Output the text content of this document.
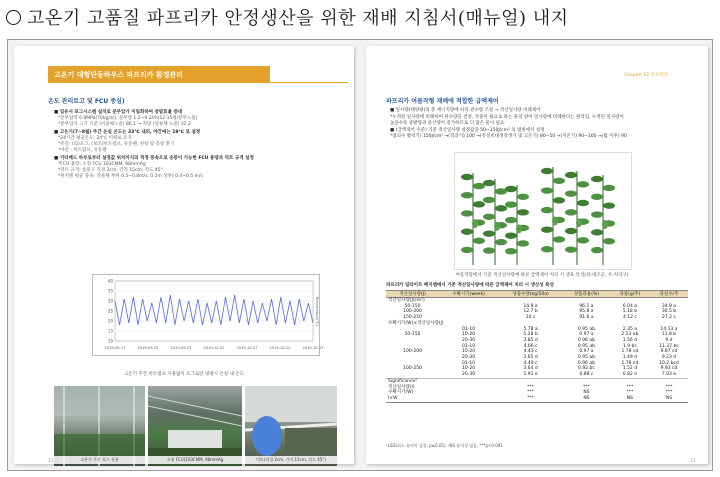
고온기 고품질 파프리카 안정생산을 위한 재배 지침서(매뉴얼) 내지
고온기 대형단동하우스 파프리카 환경관리
온도 관리토고 및 FCU 중심)
■ 일유서 포그시스템 설치로 분무압가 미립화하여 증발효율 증대
*분무압력 6.9MPa(70kg/㎠), 분무량 1.2~9.2ℓ/h(12.15평/분무노즐)
*분무입자 크기 기준 (이용체노즐) 86.1 → 적당 (일류체 노즐) 32.2
■ 고온기(7~8월) 주간 온실 온도는 33℃ 내외, 야간에는 19℃ 로 설정
*24시간 평균온도: 24℃ 이하로 유지
*주간: (외)포그, (보조)히트펌프, 유동팬, 천창 및 측창 환기
*야간 : 히트펌프, 유동팬
■ 거터배드 하부로부터 설정값 위치까지의 적정 풍속으로 송풍이 가능한 FCU 용량과 덕트 규격 설정
*FCU 용량: 소형 FCU 103CMM, 98mmAg
*덕트 규격: 송풍구 직경 2cm, 간격 15cm, 각도 45°
*위치별 평균 풍속: 작물체 부위 0.5~0.8m/s, 0.1m 상부) 0.4~0.5 m/s
40
35
30
25
20
15
10
2019-09-17	2019-09-22	2019-09-27	2019-10-02	2019-10-07	2019-10-12	2019-10-17
Temperature(℃)
고온기 주간 히트펌프 사용없이 포그로만 냉방시 온실 내 온도
고온기 주간 포그 운용	소형 FCU(103CMM, 98mmAg	덕트(직경 2cm, 간격 15cm, 각도 45°)
12
Chapter 02 파프리카
파프리카 여름작형 재배에 적합한 급액제어
■ 일사량(태양광)의 총 에너지량에 따라 관수량 조절 → 적산일사량 비례제어
*누적된 일사량에 비례하여 관수량을 결정, 작물이 필요로 하는 물의 양이 일사량에 비례한다는 원리임, 누적된 일사량이
높을수록 증발량과 증산량이 증가하므로 더 많은 물이 필요
■ (급액제어 수준) 기준 적산일사량 설정값을 50~150J/cm² 의 범위에서 설정
*엽의수 활력기) 150J/cm² →(적과기) 100 →(유실비대생장생기 및 고온기) 80~50 →(저온기) 90~100 →(월 이후) 90
여름작형에서 기준 적산일사량에 따른 급액제어 처리 시 생육 특성(좌:대조군, 우:처리구)
파프리카 일라이트 베지멤에서 기준 적산일사량에 따른 급액제어 처리 시 생산성 특성
적산일사량(J)	수확시기(week)	상품수량(kg/10a)	상품과율(%)	과중(g/주)	과실수/주
적산일사량(J/cm²)					
50-150		14.9 a	96.1 a	6.04 a	34.9 a
100-200		12.7 b	95.8 a	5.18 b	30.5 b
150-250		10 c	91.6 a	4.12 c	27.2 c
수확시기(W)×적산일사량(J)					
	01-10	5.78 a	0.95 ab	2.35 a	14.13 a
50-150	10-20	5.28 b	0.97 a	2.13 ab	11.8 b
	20-30	3.85 d	0.96 ab	1.56 d	9 d
	01-10	4.66 c	0.95 ab	1.9 bc	11.37 bc
100-200	10-20	4.43 c	0.97 a	1.78 cd	9.87 cd
	20-30	3.65 d	0.95 ab	1.49 d	9.23 d
	01-10	4.49 c	0.96 ab	1.78 cd	10.2 bcd
100-250	10-20	3.64 d	0.92 bc	1.52 d	9.93 cd
	20-30	1.91 e	0.88 c	0.82 e	7.03 e
Significance²					
적산일사량(I)		***	***	***	***
수확시기(W)		***	NS	***	***
I×W		***	NS	NS	NS
²LSD(최소 유의차 검정, p≤0.05), ʸNS 유의성 없음, ***p<0.001
21
